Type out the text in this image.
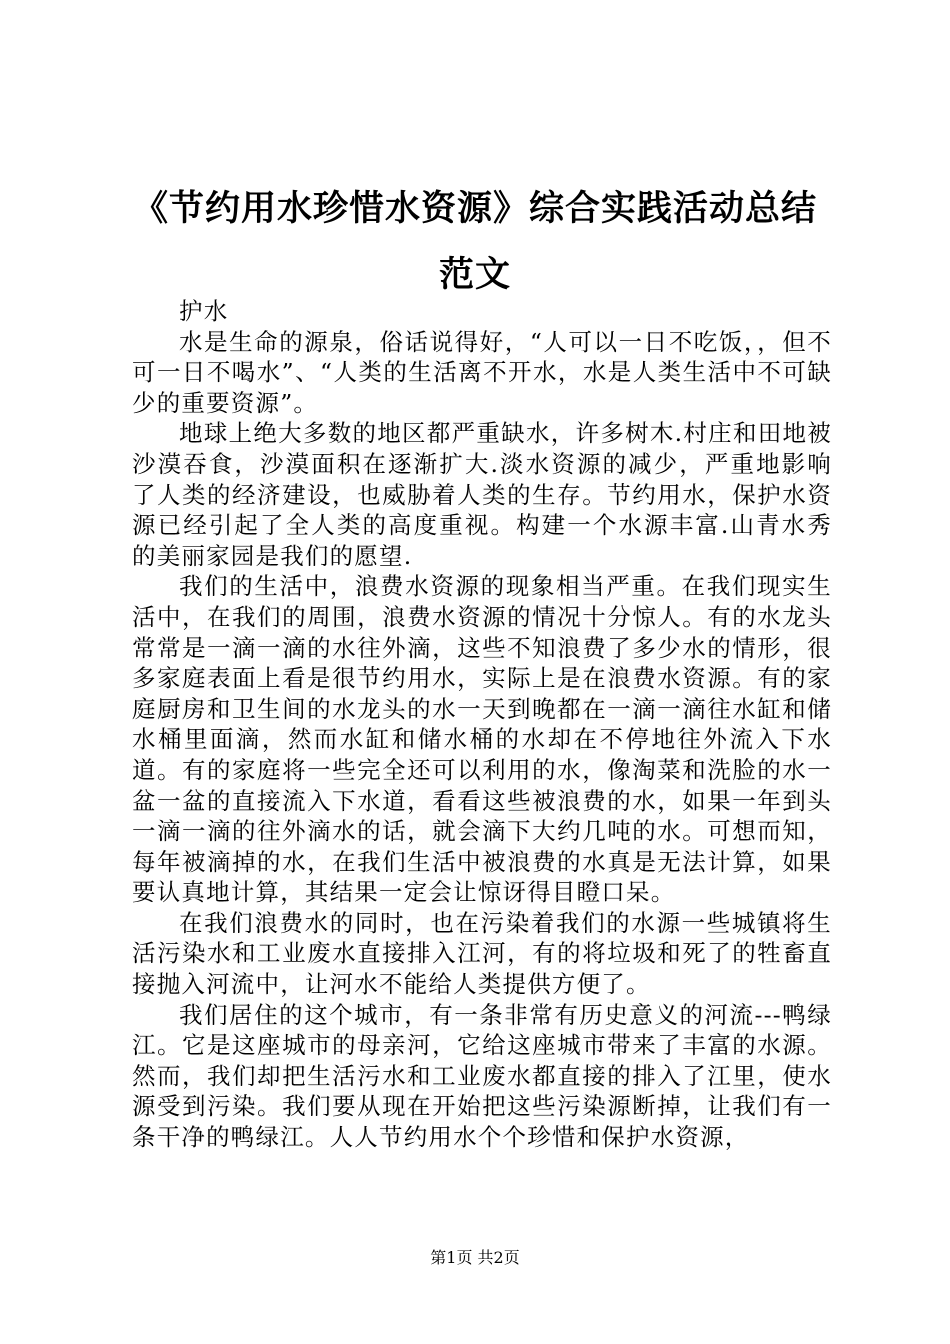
《节约用水珍惜水资源》综合实践活动总结范文

护水

水是生命的源泉，俗话说得好，“人可以一日不吃饭，，但不可一日不喝水”、“人类的生活离不开水，水是人类生活中不可缺少的重要资源”。

地球上绝大多数的地区都严重缺水，许多树木.村庄和田地被沙漠吞食，沙漠面积在逐渐扩大.淡水资源的减少，严重地影响了人类的经济建设，也威胁着人类的生存。节约用水，保护水资源已经引起了全人类的高度重视。构建一个水源丰富.山青水秀的美丽家园是我们的愿望.

我们的生活中，浪费水资源的现象相当严重。在我们现实生活中，在我们的周围，浪费水资源的情况十分惊人。有的水龙头常常是一滴一滴的水往外滴，这些不知浪费了多少水的情形，很多家庭表面上看是很节约用水，实际上是在浪费水资源。有的家庭厨房和卫生间的水龙头的水一天到晚都在一滴一滴往水缸和储水桶里面滴，然而水缸和储水桶的水却在不停地往外流入下水道。有的家庭将一些完全还可以利用的水，像淘菜和洗脸的水一盆一盆的直接流入下水道，看看这些被浪费的水，如果一年到头一滴一滴的往外滴水的话，就会滴下大约几吨的水。可想而知，每年被滴掉的水，在我们生活中被浪费的水真是无法计算，如果要认真地计算，其结果一定会让惊讶得目瞪口呆。

在我们浪费水的同时，也在污染着我们的水源一些城镇将生活污染水和工业废水直接排入江河，有的将垃圾和死了的牲畜直接抛入河流中，让河水不能给人类提供方便了。

我们居住的这个城市，有一条非常有历史意义的河流---鸭绿江。它是这座城市的母亲河，它给这座城市带来了丰富的水源。然而，我们却把生活污水和工业废水都直接的排入了江里，使水源受到污染。我们要从现在开始把这些污染源断掉，让我们有一条干净的鸭绿江。人人节约用水个个珍惜和保护水资源，

第1页 共2页
